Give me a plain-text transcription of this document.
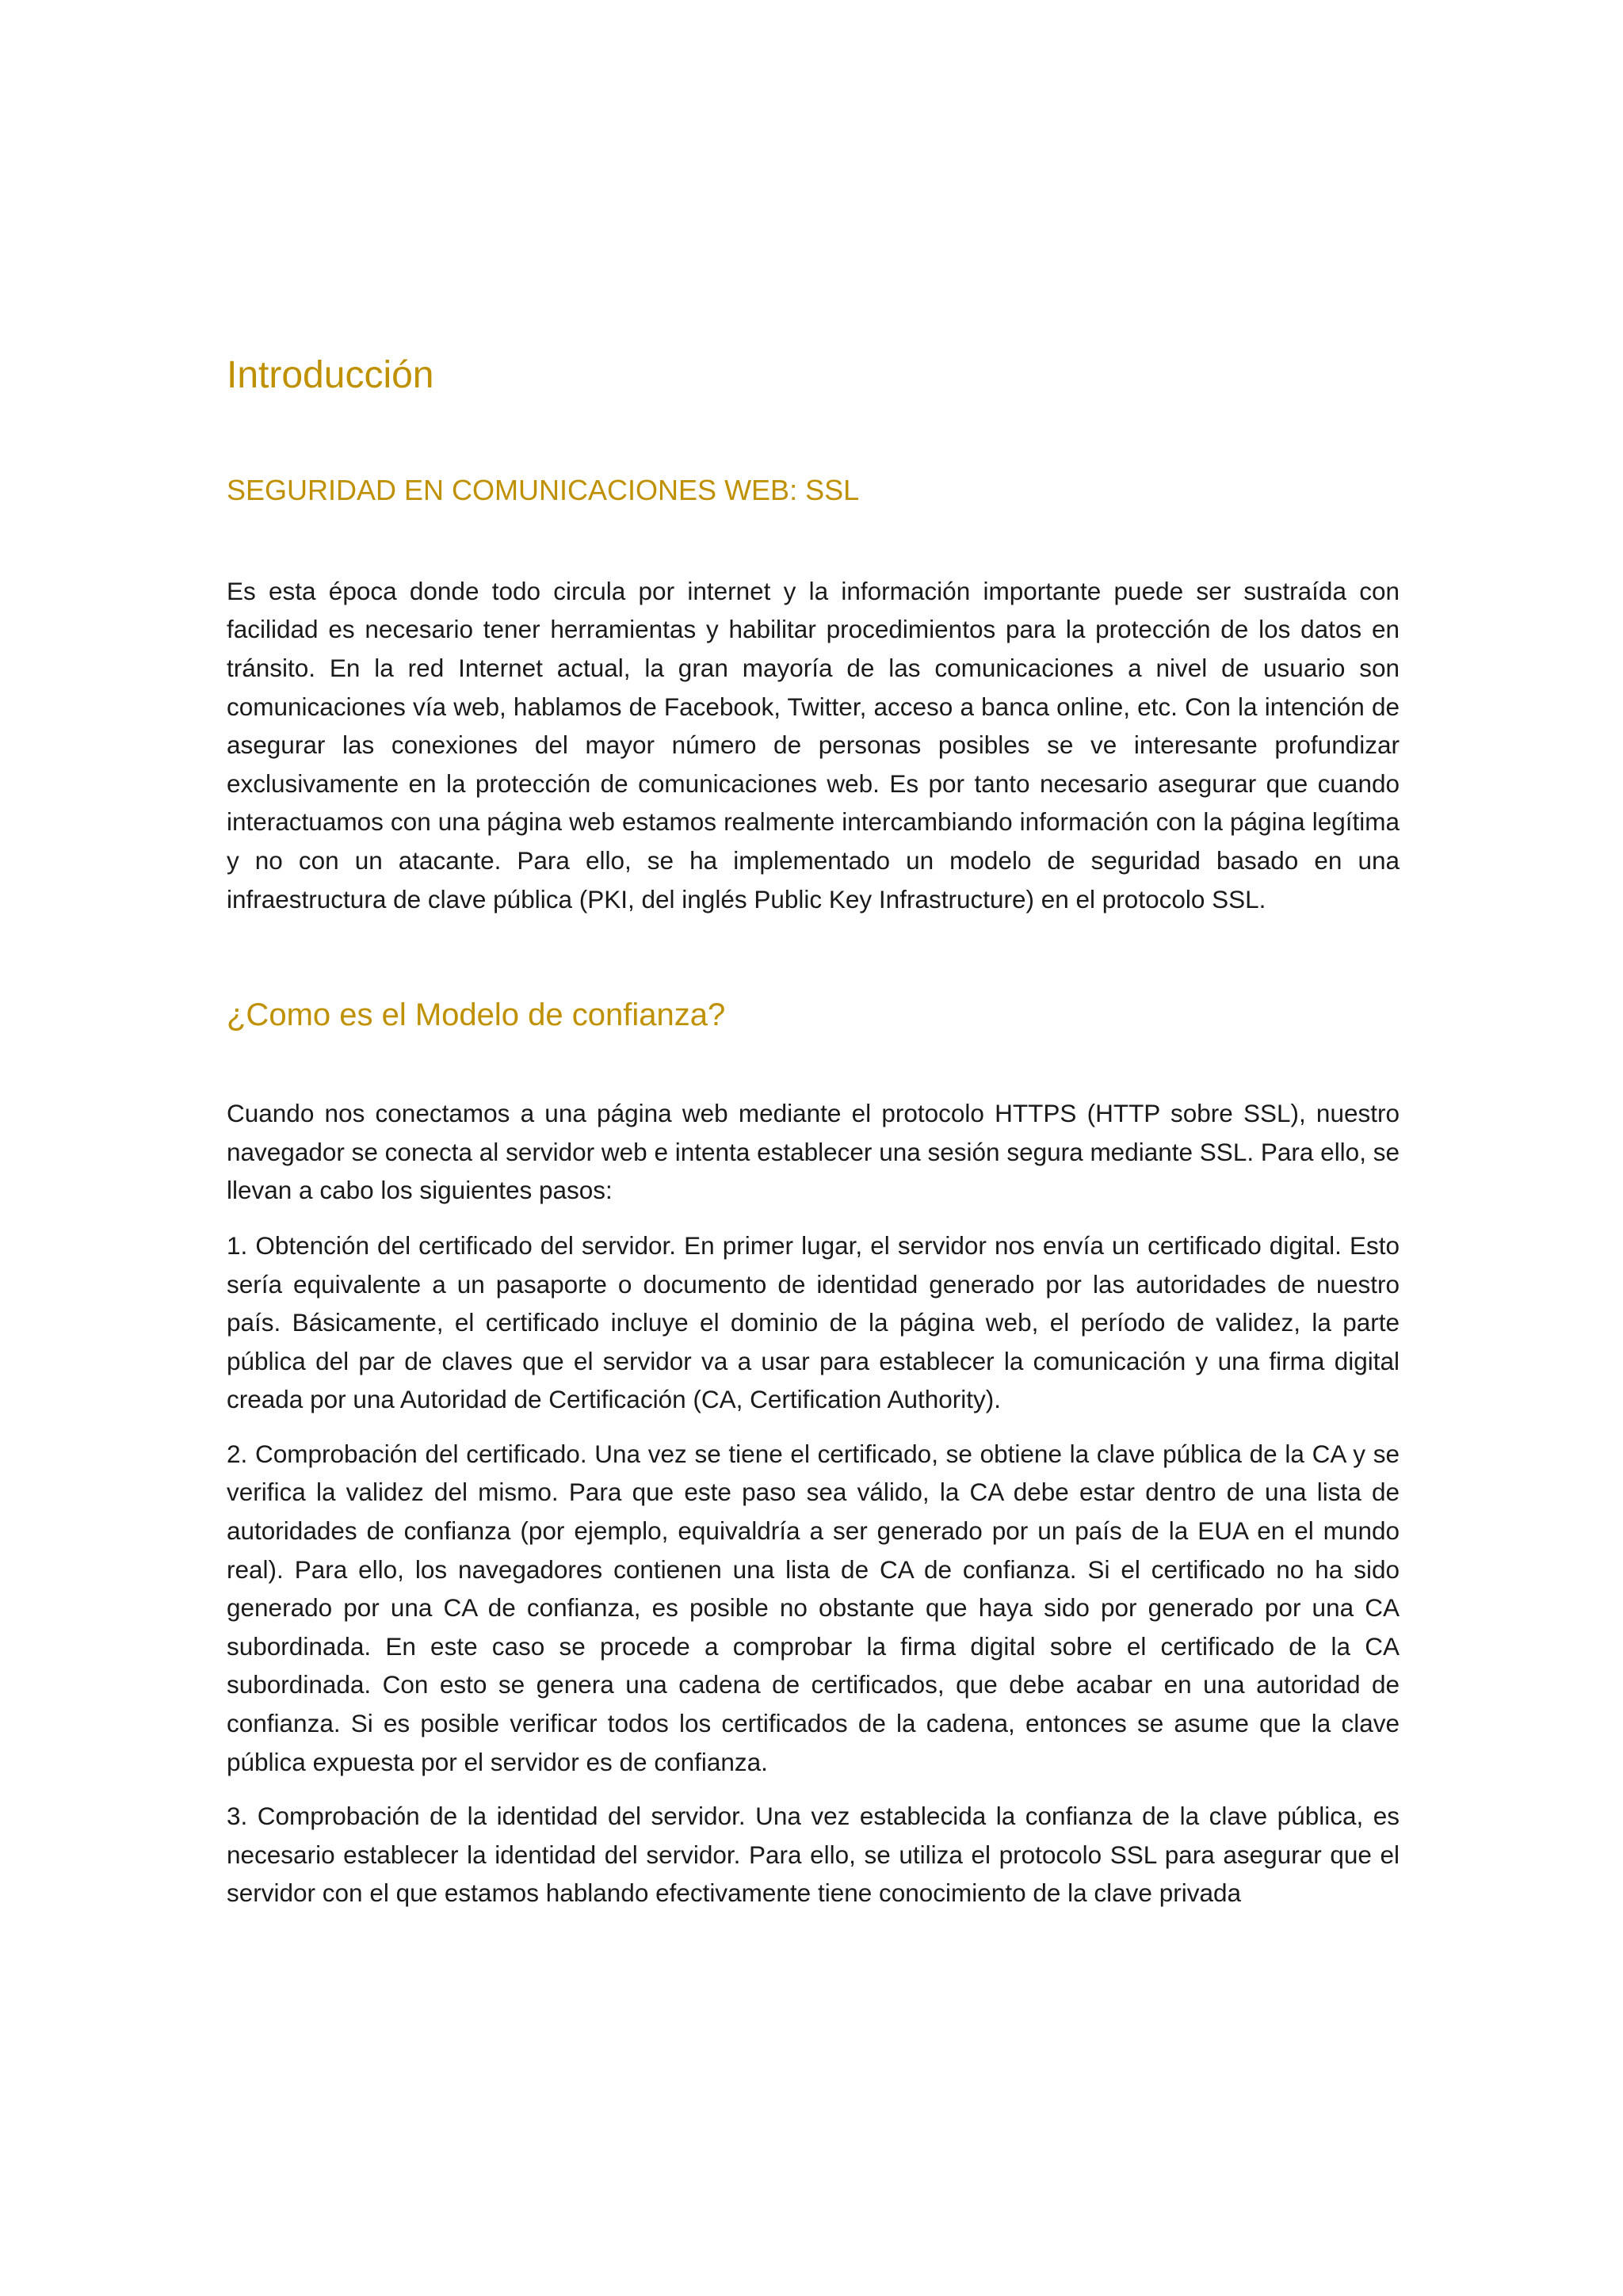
Introducción
SEGURIDAD EN COMUNICACIONES WEB: SSL

Es esta época donde todo circula por internet y la información importante puede ser sustraída con facilidad es necesario tener herramientas y habilitar procedimientos para la protección de los datos en tránsito. En la red Internet actual, la gran mayoría de las comunicaciones a nivel de usuario son comunicaciones vía web, hablamos de Facebook, Twitter, acceso a banca online, etc. Con la intención de asegurar las conexiones del mayor número de personas posibles se ve interesante profundizar exclusivamente en la protección de comunicaciones web. Es por tanto necesario asegurar que cuando interactuamos con una página web estamos realmente intercambiando información con la página legítima y no con un atacante. Para ello, se ha implementado un modelo de seguridad basado en una infraestructura de clave pública (PKI, del inglés Public Key Infrastructure) en el protocolo SSL.

¿Como es el Modelo de confianza?

Cuando nos conectamos a una página web mediante el protocolo HTTPS (HTTP sobre SSL), nuestro navegador se conecta al servidor web e intenta establecer una sesión segura mediante SSL. Para ello, se llevan a cabo los siguientes pasos:

1. Obtención del certificado del servidor. En primer lugar, el servidor nos envía un certificado digital. Esto sería equivalente a un pasaporte o documento de identidad generado por las autoridades de nuestro país. Básicamente, el certificado incluye el dominio de la página web, el período de validez, la parte pública del par de claves que el servidor va a usar para establecer la comunicación y una firma digital creada por una Autoridad de Certificación (CA, Certification Authority).

2. Comprobación del certificado. Una vez se tiene el certificado, se obtiene la clave pública de la CA y se verifica la validez del mismo. Para que este paso sea válido, la CA debe estar dentro de una lista de autoridades de confianza (por ejemplo, equivaldría a ser generado por un país de la EUA en el mundo real). Para ello, los navegadores contienen una lista de CA de confianza. Si el certificado no ha sido generado por una CA de confianza, es posible no obstante que haya sido por generado por una CA subordinada. En este caso se procede a comprobar la firma digital sobre el certificado de la CA subordinada. Con esto se genera una cadena de certificados, que debe acabar en una autoridad de confianza. Si es posible verificar todos los certificados de la cadena, entonces se asume que la clave pública expuesta por el servidor es de confianza.

3. Comprobación de la identidad del servidor. Una vez establecida la confianza de la clave pública, es necesario establecer la identidad del servidor. Para ello, se utiliza el protocolo SSL para asegurar que el servidor con el que estamos hablando efectivamente tiene conocimiento de la clave privada
